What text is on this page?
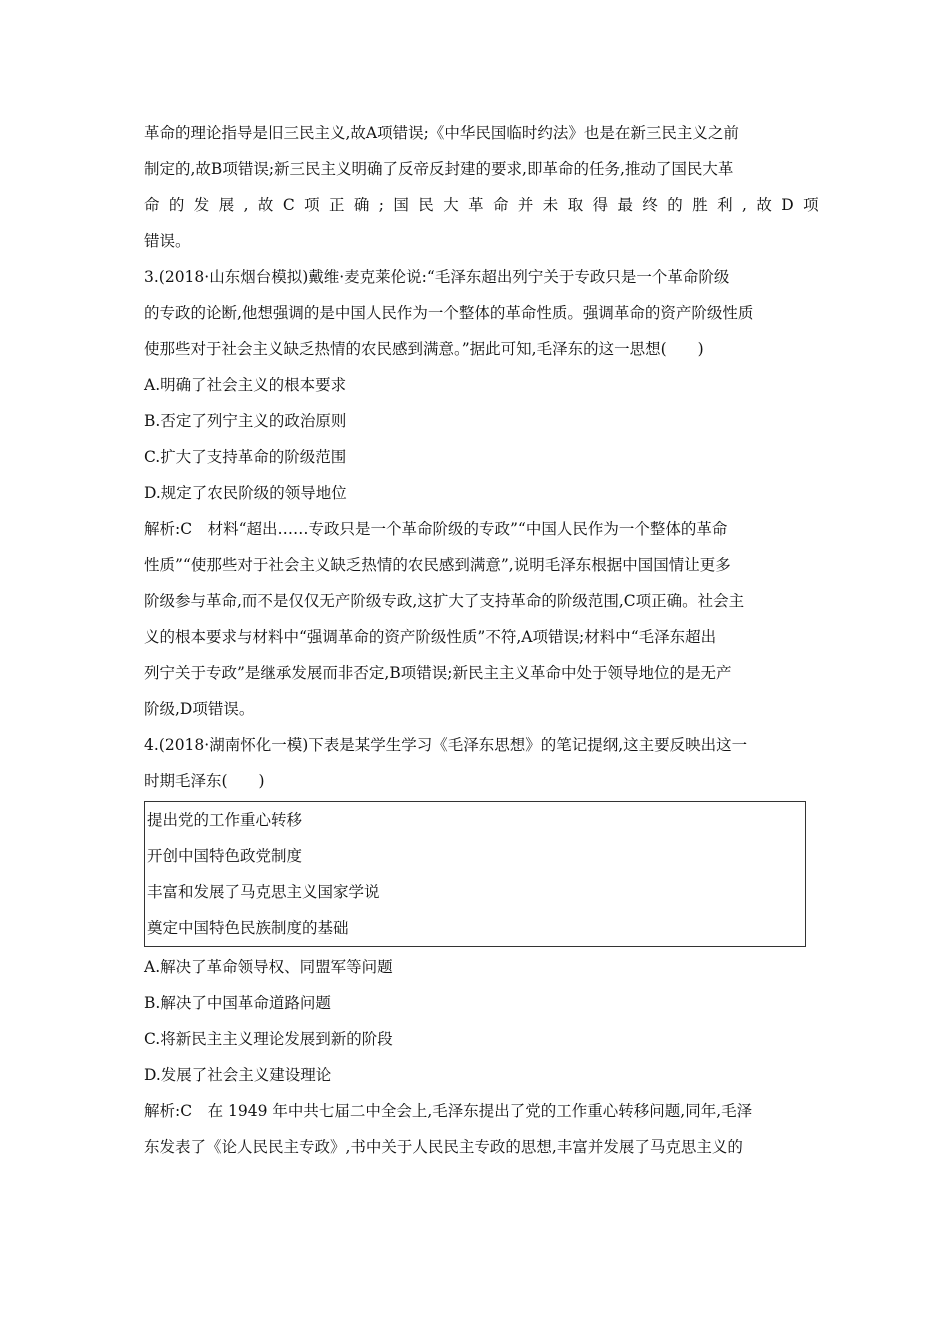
革命的理论指导是旧三民主义,故A项错误;《中华民国临时约法》也是在新三民主义之前
制定的,故B项错误;新三民主义明确了反帝反封建的要求,即革命的任务,推动了国民大革
命的发展,故C项正确;国民大革命并未取得最终的胜利,故D项
错误。
3.(2018·山东烟台模拟)戴维·麦克莱伦说:“毛泽东超出列宁关于专政只是一个革命阶级
的专政的论断,他想强调的是中国人民作为一个整体的革命性质。强调革命的资产阶级性质
使那些对于社会主义缺乏热情的农民感到满意。”据此可知,毛泽东的这一思想(　　)
A.明确了社会主义的根本要求
B.否定了列宁主义的政治原则
C.扩大了支持革命的阶级范围
D.规定了农民阶级的领导地位
解析:C　材料“超出……专政只是一个革命阶级的专政”“中国人民作为一个整体的革命
性质”“使那些对于社会主义缺乏热情的农民感到满意”,说明毛泽东根据中国国情让更多
阶级参与革命,而不是仅仅无产阶级专政,这扩大了支持革命的阶级范围,C项正确。社会主
义的根本要求与材料中“强调革命的资产阶级性质”不符,A项错误;材料中“毛泽东超出
列宁关于专政”是继承发展而非否定,B项错误;新民主主义革命中处于领导地位的是无产
阶级,D项错误。
4.(2018·湖南怀化一模)下表是某学生学习《毛泽东思想》的笔记提纲,这主要反映出这一
时期毛泽东(　　)
提出党的工作重心转移
开创中国特色政党制度
丰富和发展了马克思主义国家学说
奠定中国特色民族制度的基础
A.解决了革命领导权、同盟军等问题
B.解决了中国革命道路问题
C.将新民主主义理论发展到新的阶段
D.发展了社会主义建设理论
解析:C　在 1949 年中共七届二中全会上,毛泽东提出了党的工作重心转移问题,同年,毛泽
东发表了《论人民民主专政》,书中关于人民民主专政的思想,丰富并发展了马克思主义的
